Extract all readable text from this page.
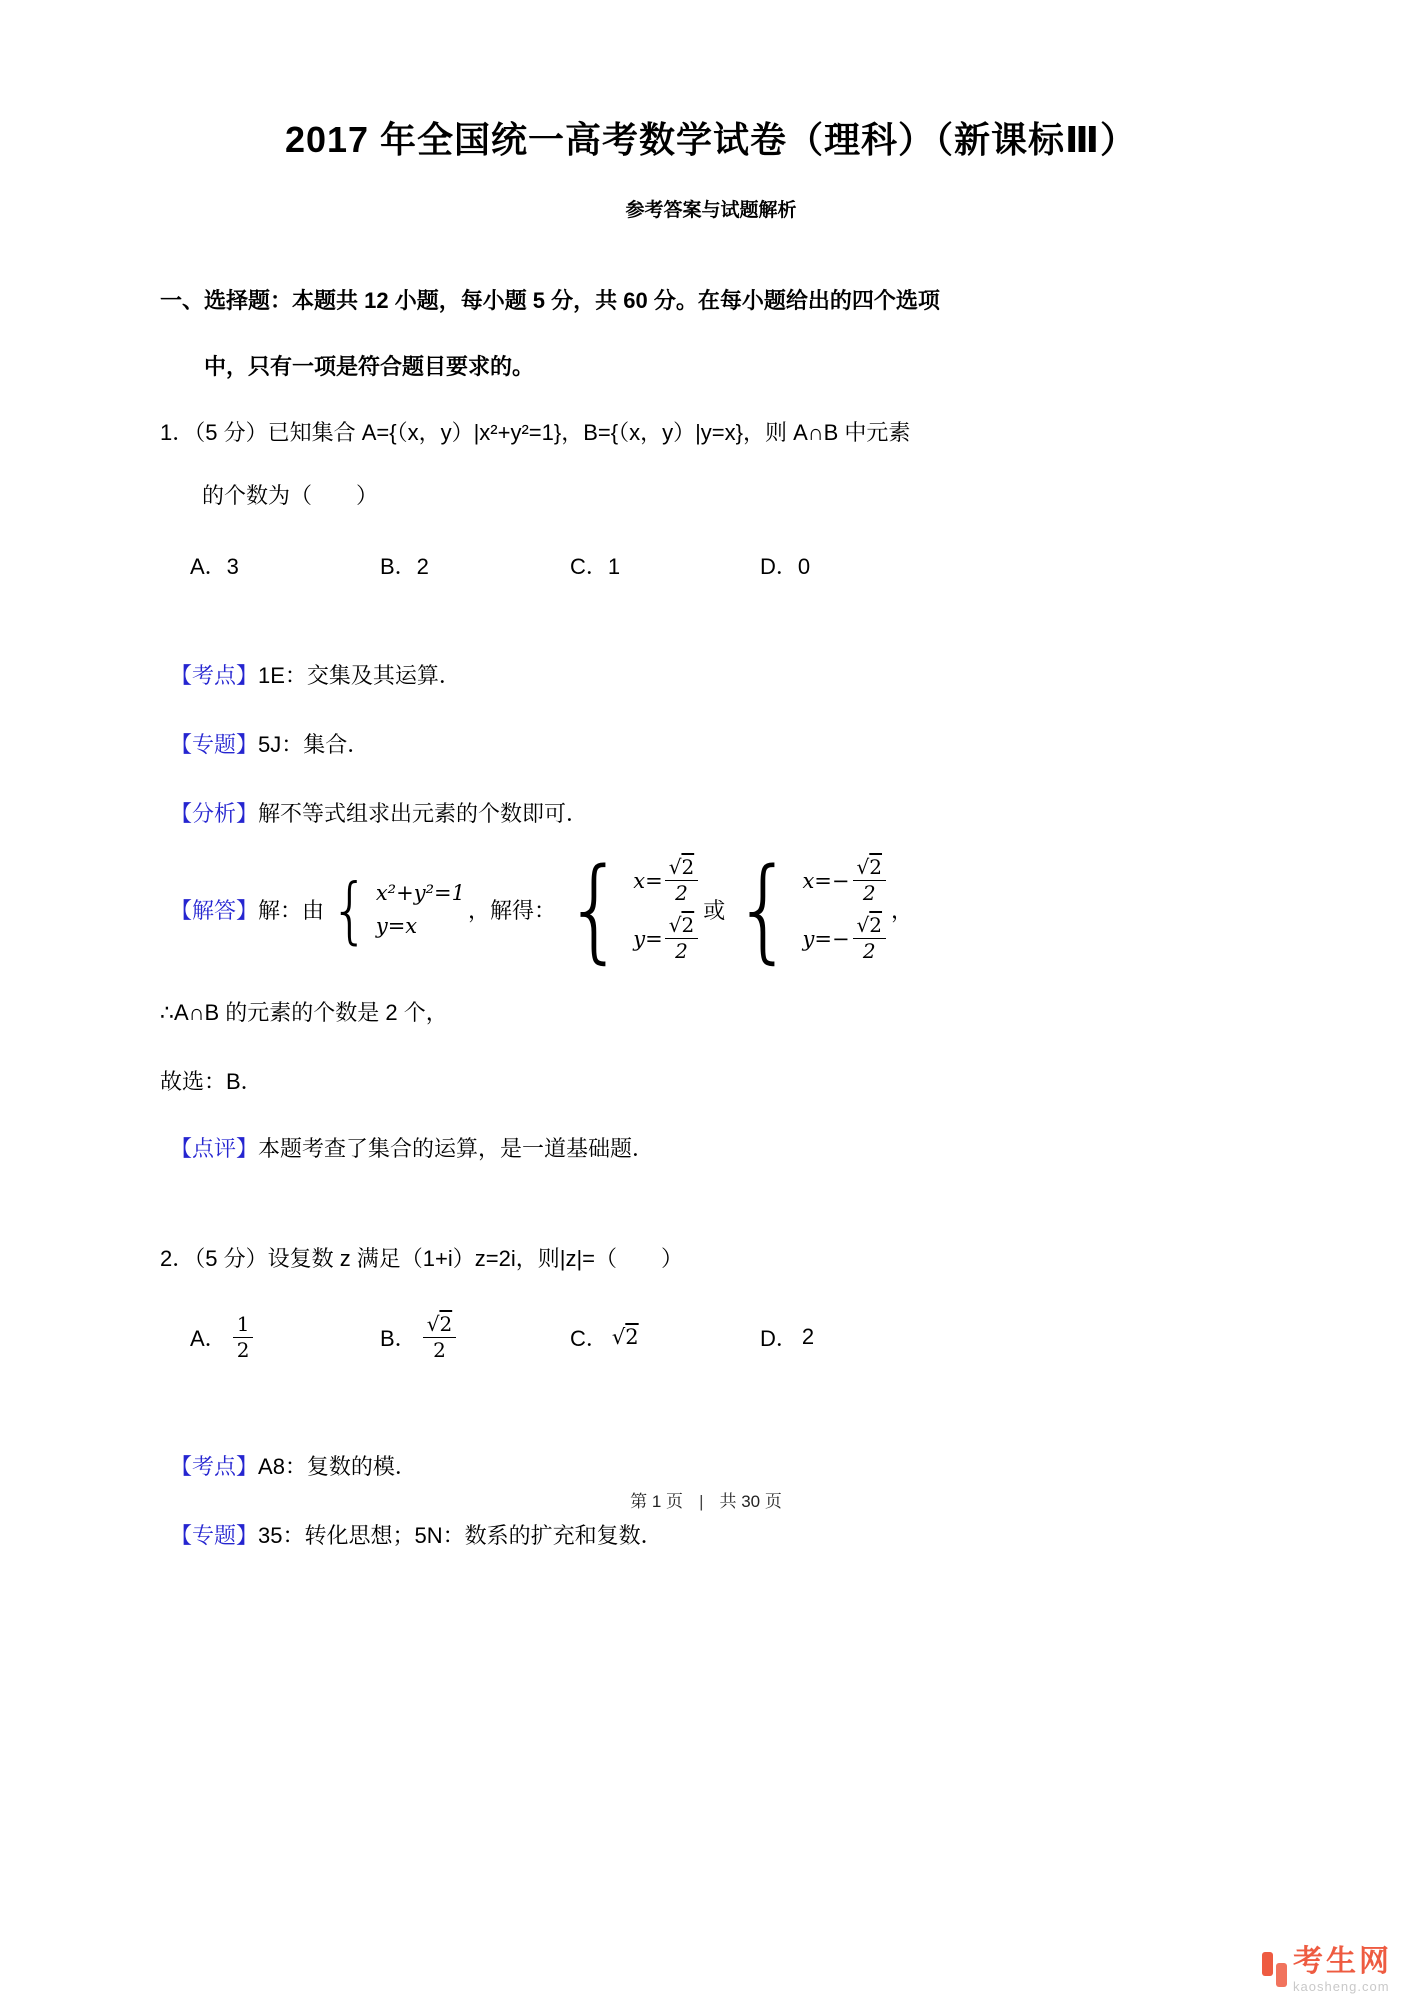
2017 年全国统一高考数学试卷（理科）（新课标Ⅲ）
参考答案与试题解析
一、选择题：本题共 12 小题，每小题 5 分，共 60 分。在每小题给出的四个选项
中，只有一项是符合题目要求的。
1．（5 分）已知集合 A={（x，y）|x²+y²=1}，B={（x，y）|y=x}，则 A∩B 中元素
的个数为（　　）
A．3	B．2	C．1	D．0
【考点】 1E：交集及其运算．
【专题】 5J：集合．
【分析】 解不等式组求出元素的个数即可．
【解答】 解：由 { x²+y²=1
y=x
，解得： { $x= \frac{√2}{2}$
$y= \frac{√2}{2}$
或 { $x= - \frac{√2}{2}$
$y= - \frac{√2}{2}$
，
∴A∩B 的元素的个数是 2 个，
故选：B．
【点评】 本题考查了集合的运算，是一道基础题．
2．（5 分）设复数 z 满足（1+i）z=2i，则|z|=（　　）
A． $\frac{1}{2}$	B． $\frac{√2}{2}$	C． √ 2	D． 2
【考点】 A8：复数的模．
【专题】 35：转化思想；5N：数系的扩充和复数．
第 1 页 | 共 30 页
考生网
kaosheng.com
